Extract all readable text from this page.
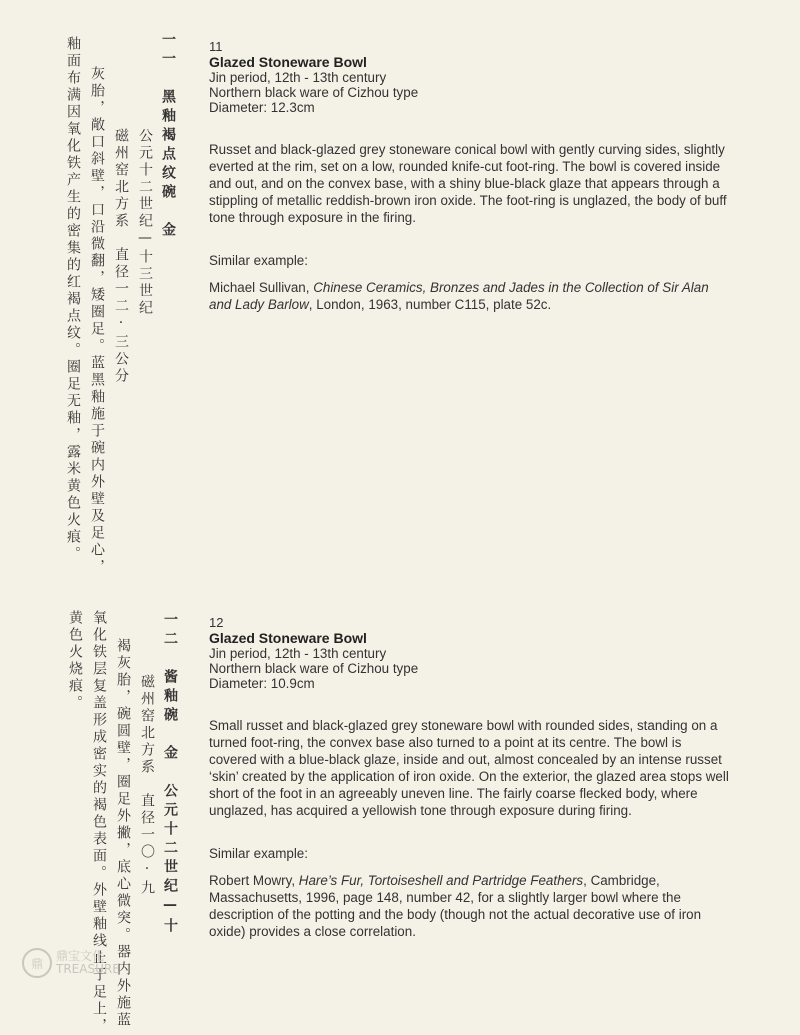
釉面布满因氧化铁产生的密集的红褐点纹。圈足无釉，露米黄色火痕。 灰胎，敞口斜壁，口沿微翻，矮圈足。蓝黑釉施于碗内外壁及足心， 磁州窑北方系　直径一二·三公分 公元十二世纪—十三世纪
一一　黑釉褐点纹碗　金
11
Glazed Stoneware Bowl
Jin period, 12th - 13th century
Northern black ware of Cizhou type
Diameter: 12.3cm
Russet and black-glazed grey stoneware conical bowl with gently curving sides, slightly everted at the rim, set on a low, rounded knife-cut foot-ring. The bowl is covered inside and out, and on the convex base, with a shiny blue-black glaze that appears through a stippling of metallic reddish-brown iron oxide. The foot-ring is unglazed, the body of buff tone through exposure in the firing.
Similar example:
Michael Sullivan, Chinese Ceramics, Bronzes and Jades in the Collection of Sir Alan and Lady Barlow, London, 1963, number C115, plate 52c.
黄色火烧痕。 氧化铁层复盖形成密实的褐色表面。外壁釉线止于足上， 褐灰胎，碗圆壁，圈足外撇，底心微突。器内外施蓝 磁州窑北方系　直径一〇·九
一二　酱釉碗　金　公元十二世纪—十
12
Glazed Stoneware Bowl
Jin period, 12th - 13th century
Northern black ware of Cizhou type
Diameter: 10.9cm
Small russet and black-glazed grey stoneware bowl with rounded sides, standing on a turned foot-ring, the convex base also turned to a point at its centre. The bowl is covered with a blue-black glaze, inside and out, almost concealed by an intense russet ‘skin’ created by the application of iron oxide. On the exterior, the glazed area stops well short of the foot in an agreeably uneven line. The fairly coarse flecked body, where unglazed, has acquired a yellowish tone through exposure during firing.
Similar example:
Robert Mowry, Hare’s Fur, Tortoiseshell and Partridge Feathers, Cambridge, Massachusetts, 1996, page 148, number 42, for a slightly larger bowl where the description of the potting and the body (though not the actual decorative use of iron oxide) provides a close correlation.
鼎
鼎宝文化
TREASURE
